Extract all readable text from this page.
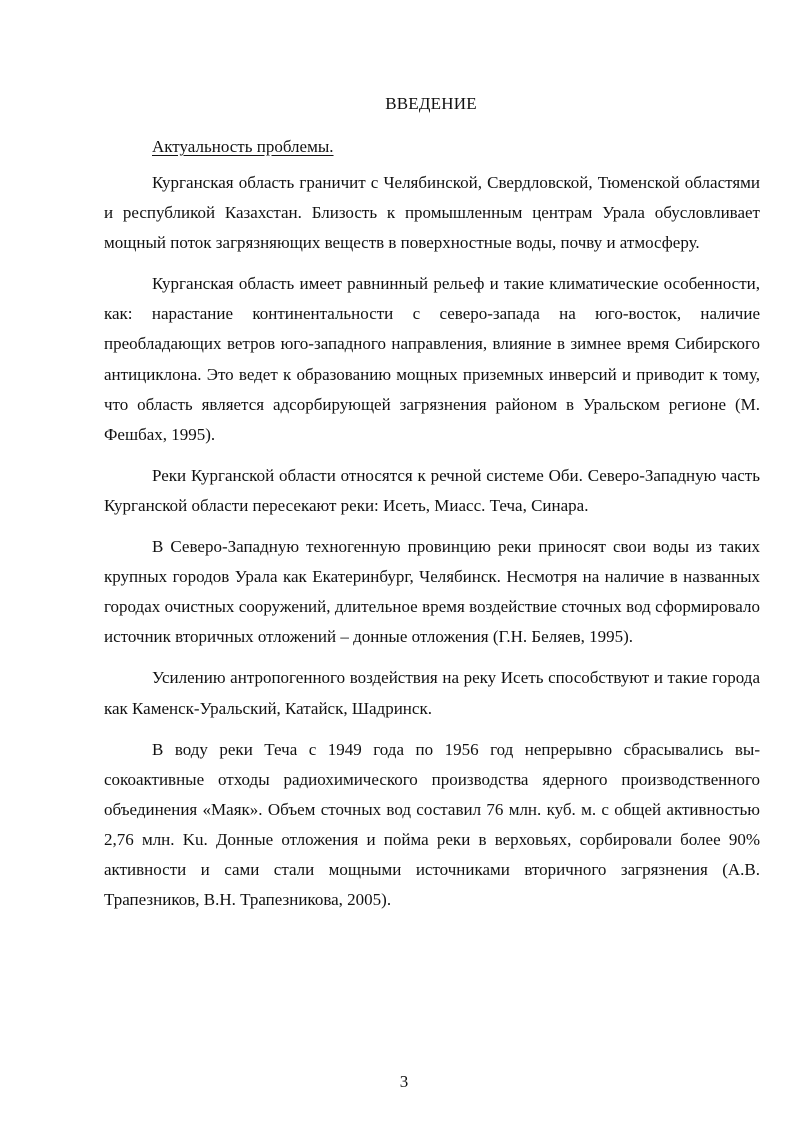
ВВЕДЕНИЕ
Актуальность проблемы.

Курганская область граничит с Челябинской, Свердловской, Тюменской областями и республикой Казахстан. Близость к промышленным центрам Урала обусловливает мощный поток загрязняющих веществ в поверхностные воды, почву и атмосферу.

Курганская область имеет равнинный рельеф и такие климатические особенности, как: нарастание континентальности с северо-запада на юго-восток, наличие преобладающих ветров юго-западного направления, влияние в зимнее время Сибирского антициклона. Это ведет к образованию мощных приземных инверсий и приводит к тому, что область является адсорбирующей загрязнения районом в Уральском регионе (М. Фешбах, 1995).

Реки Курганской области относятся к речной системе Оби. Северо-Западную часть Курганской области пересекают реки: Исеть, Миасс. Теча, Синара.

В Северо-Западную техногенную провинцию реки приносят свои воды из таких крупных городов Урала как Екатеринбург, Челябинск. Несмотря на наличие в названных городах очистных сооружений, длительное время воздействие сточных вод сформировало источник вторичных отложений – донные отложения (Г.Н. Беляев, 1995).

Усилению антропогенного воздействия на реку Исеть способствуют и такие города как Каменск-Уральский, Катайск, Шадринск.

В воду реки Теча с 1949 года по 1956 год непрерывно сбрасывались высокоактивные отходы радиохимического производства ядерного производственного объединения «Маяк». Объем сточных вод составил 76 млн. куб. м. с общей активностью 2,76 млн. Ku. Донные отложения и пойма реки в верховьях, сорбировали более 90% активности и сами стали мощными источниками вторичного загрязнения (А.В. Трапезников, В.Н. Трапезникова, 2005).

3
